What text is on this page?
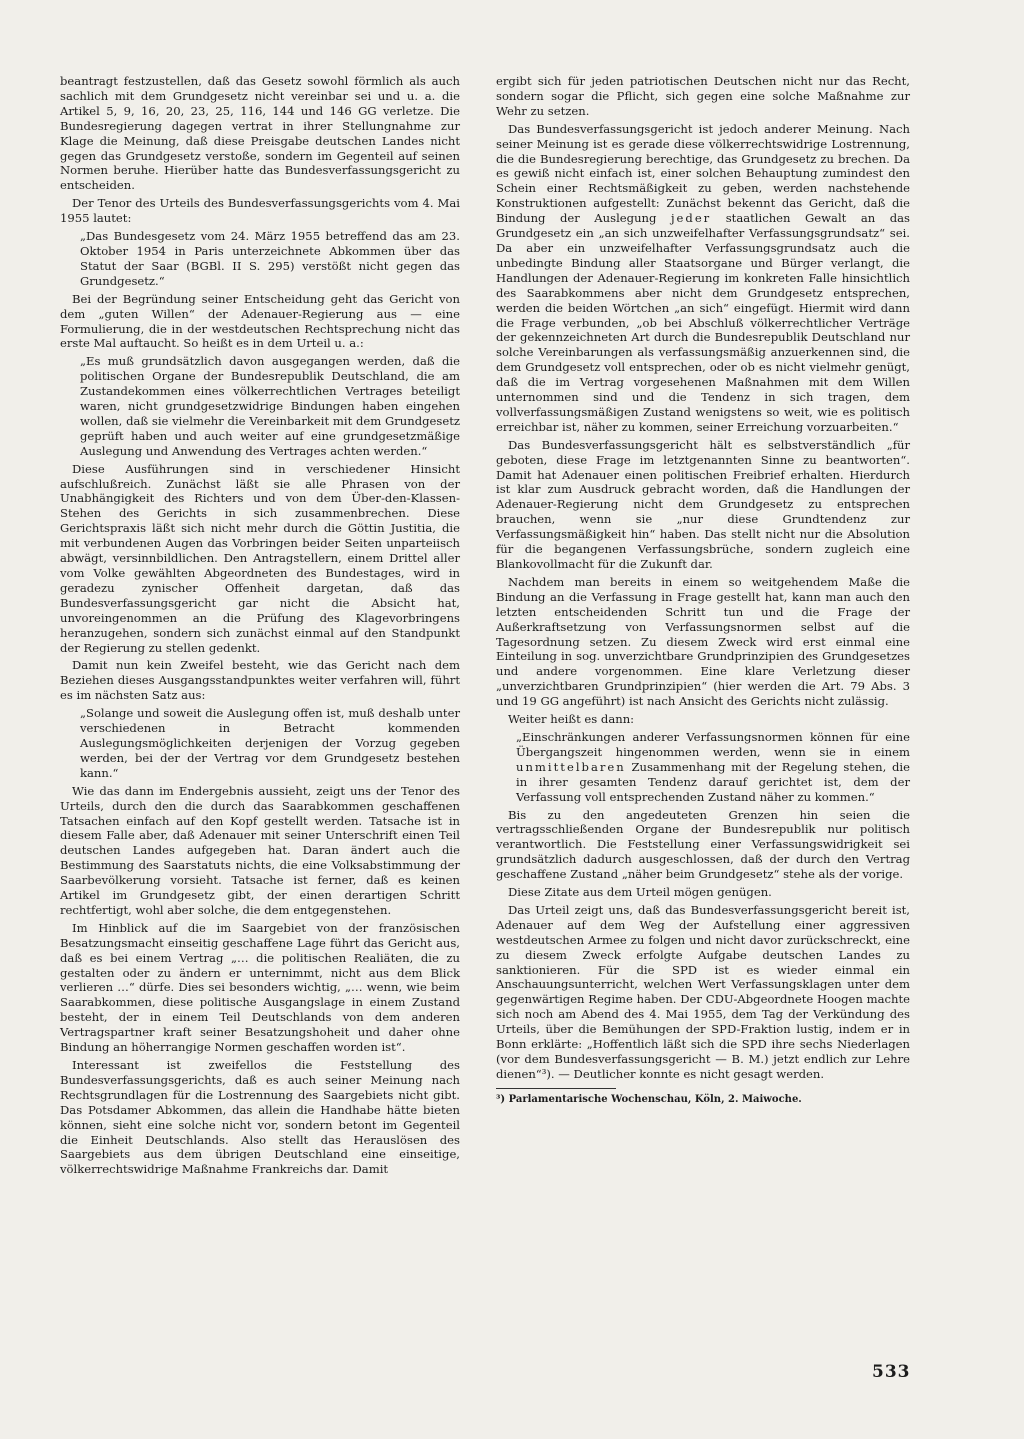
beantragt festzustellen, daß das Gesetz sowohl förmlich als auch sachlich mit dem Grundgesetz nicht vereinbar sei und u. a. die Artikel 5, 9, 16, 20, 23, 25, 116, 144 und 146 GG verletze. Die Bundesregierung dagegen vertrat in ihrer Stellungnahme zur Klage die Meinung, daß diese Preisgabe deutschen Landes nicht gegen das Grundgesetz verstoße, sondern im Gegenteil auf seinen Normen beruhe. Hierüber hatte das Bundesverfassungsgericht zu entscheiden.

Der Tenor des Urteils des Bundesverfassungsgerichts vom 4. Mai 1955 lautet:

„Das Bundesgesetz vom 24. März 1955 betreffend das am 23. Oktober 1954 in Paris unterzeichnete Abkommen über das Statut der Saar (BGBl. II S. 295) verstößt nicht gegen das Grundgesetz.“

Bei der Begründung seiner Entscheidung geht das Gericht von dem „guten Willen“ der Adenauer-Regierung aus — eine Formulierung, die in der westdeutschen Rechtsprechung nicht das erste Mal auftaucht. So heißt es in dem Urteil u. a.:

„Es muß grundsätzlich davon ausgegangen werden, daß die politischen Organe der Bundesrepublik Deutschland, die am Zustandekommen eines völkerrechtlichen Vertrages beteiligt waren, nicht grundgesetzwidrige Bindungen haben eingehen wollen, daß sie vielmehr die Vereinbarkeit mit dem Grundgesetz geprüft haben und auch weiter auf eine grundgesetzmäßige Auslegung und Anwendung des Vertrages achten werden.“

Diese Ausführungen sind in verschiedener Hinsicht aufschlußreich. Zunächst läßt sie alle Phrasen von der Unabhängigkeit des Richters und von dem Über-den-Klassen-Stehen des Gerichts in sich zusammenbrechen. Diese Gerichtspraxis läßt sich nicht mehr durch die Göttin Justitia, die mit verbundenen Augen das Vorbringen beider Seiten unparteiisch abwägt, versinnbildlichen. Den Antragstellern, einem Drittel aller vom Volke gewählten Abgeordneten des Bundestages, wird in geradezu zynischer Offenheit dargetan, daß das Bundesverfassungsgericht gar nicht die Absicht hat, unvoreingenommen an die Prüfung des Klagevorbringens heranzugehen, sondern sich zunächst einmal auf den Standpunkt der Regierung zu stellen gedenkt.

Damit nun kein Zweifel besteht, wie das Gericht nach dem Beziehen dieses Ausgangsstandpunktes weiter verfahren will, führt es im nächsten Satz aus:

„Solange und soweit die Auslegung offen ist, muß deshalb unter verschiedenen in Betracht kommenden Auslegungsmöglichkeiten derjenigen der Vorzug gegeben werden, bei der der Vertrag vor dem Grundgesetz bestehen kann.“

Wie das dann im Endergebnis aussieht, zeigt uns der Tenor des Urteils, durch den die durch das Saarabkommen geschaffenen Tatsachen einfach auf den Kopf gestellt werden. Tatsache ist in diesem Falle aber, daß Adenauer mit seiner Unterschrift einen Teil deutschen Landes aufgegeben hat. Daran ändert auch die Bestimmung des Saarstatuts nichts, die eine Volksabstimmung der Saarbevölkerung vorsieht. Tatsache ist ferner, daß es keinen Artikel im Grundgesetz gibt, der einen derartigen Schritt rechtfertigt, wohl aber solche, die dem entgegenstehen.

Im Hinblick auf die im Saargebiet von der französischen Besatzungsmacht einseitig geschaffene Lage führt das Gericht aus, daß es bei einem Vertrag „… die politischen Realiäten, die zu gestalten oder zu ändern er unternimmt, nicht aus dem Blick verlieren …“ dürfe. Dies sei besonders wichtig, „… wenn, wie beim Saarabkommen, diese politische Ausgangslage in einem Zustand besteht, der in einem Teil Deutschlands von dem anderen Vertragspartner kraft seiner Besatzungshoheit und daher ohne Bindung an höherrangige Normen geschaffen worden ist“.

Interessant ist zweifellos die Feststellung des Bundesverfassungsgerichts, daß es auch seiner Meinung nach Rechtsgrundlagen für die Lostrennung des Saargebiets nicht gibt. Das Potsdamer Abkommen, das allein die Handhabe hätte bieten können, sieht eine solche nicht vor, sondern betont im Gegenteil die Einheit Deutschlands. Also stellt das Herauslösen des Saargebiets aus dem übrigen Deutschland eine einseitige, völkerrechtswidrige Maßnahme Frankreichs dar. Damit

ergibt sich für jeden patriotischen Deutschen nicht nur das Recht, sondern sogar die Pflicht, sich gegen eine solche Maßnahme zur Wehr zu setzen.

Das Bundesverfassungsgericht ist jedoch anderer Meinung. Nach seiner Meinung ist es gerade diese völkerrechtswidrige Lostrennung, die die Bundesregierung berechtige, das Grundgesetz zu brechen. Da es gewiß nicht einfach ist, einer solchen Behauptung zumindest den Schein einer Rechtsmäßigkeit zu geben, werden nachstehende Konstruktionen aufgestellt: Zunächst bekennt das Gericht, daß die Bindung der Auslegung jeder staatlichen Gewalt an das Grundgesetz ein „an sich unzweifelhafter Verfassungsgrundsatz“ sei. Da aber ein unzweifelhafter Verfassungsgrundsatz auch die unbedingte Bindung aller Staatsorgane und Bürger verlangt, die Handlungen der Adenauer-Regierung im konkreten Falle hinsichtlich des Saarabkommens aber nicht dem Grundgesetz entsprechen, werden die beiden Wörtchen „an sich“ eingefügt. Hiermit wird dann die Frage verbunden, „ob bei Abschluß völkerrechtlicher Verträge der gekennzeichneten Art durch die Bundesrepublik Deutschland nur solche Vereinbarungen als verfassungsmäßig anzuerkennen sind, die dem Grundgesetz voll entsprechen, oder ob es nicht vielmehr genügt, daß die im Vertrag vorgesehenen Maßnahmen mit dem Willen unternommen sind und die Tendenz in sich tragen, dem vollverfassungsmäßigen Zustand wenigstens so weit, wie es politisch erreichbar ist, näher zu kommen, seiner Erreichung vorzuarbeiten.“

Das Bundesverfassungsgericht hält es selbstverständlich „für geboten, diese Frage im letztgenannten Sinne zu beantworten“. Damit hat Adenauer einen politischen Freibrief erhalten. Hierdurch ist klar zum Ausdruck gebracht worden, daß die Handlungen der Adenauer-Regierung nicht dem Grundgesetz zu entsprechen brauchen, wenn sie „nur diese Grundtendenz zur Verfassungsmäßigkeit hin“ haben. Das stellt nicht nur die Absolution für die begangenen Verfassungsbrüche, sondern zugleich eine Blankovollmacht für die Zukunft dar.

Nachdem man bereits in einem so weitgehendem Maße die Bindung an die Verfassung in Frage gestellt hat, kann man auch den letzten entscheidenden Schritt tun und die Frage der Außerkraftsetzung von Verfassungsnormen selbst auf die Tagesordnung setzen. Zu diesem Zweck wird erst einmal eine Einteilung in sog. unverzichtbare Grundprinzipien des Grundgesetzes und andere vorgenommen. Eine klare Verletzung dieser „unverzichtbaren Grundprinzipien“ (hier werden die Art. 79 Abs. 3 und 19 GG angeführt) ist nach Ansicht des Gerichts nicht zulässig.

Weiter heißt es dann:

„Einschränkungen anderer Verfassungsnormen können für eine Übergangszeit hingenommen werden, wenn sie in einem unmittelbaren Zusammenhang mit der Regelung stehen, die in ihrer gesamten Tendenz darauf gerichtet ist, dem der Verfassung voll entsprechenden Zustand näher zu kommen.“

Bis zu den angedeuteten Grenzen hin seien die vertragsschließenden Organe der Bundesrepublik nur politisch verantwortlich. Die Feststellung einer Verfassungswidrigkeit sei grundsätzlich dadurch ausgeschlossen, daß der durch den Vertrag geschaffene Zustand „näher beim Grundgesetz“ stehe als der vorige.

Diese Zitate aus dem Urteil mögen genügen.

Das Urteil zeigt uns, daß das Bundesverfassungsgericht bereit ist, Adenauer auf dem Weg der Aufstellung einer aggressiven westdeutschen Armee zu folgen und nicht davor zurückschreckt, eine zu diesem Zweck erfolgte Aufgabe deutschen Landes zu sanktionieren. Für die SPD ist es wieder einmal ein Anschauungsunterricht, welchen Wert Verfassungsklagen unter dem gegenwärtigen Regime haben. Der CDU-Abgeordnete Hoogen machte sich noch am Abend des 4. Mai 1955, dem Tag der Verkündung des Urteils, über die Bemühungen der SPD-Fraktion lustig, indem er in Bonn erklärte: „Hoffentlich läßt sich die SPD ihre sechs Niederlagen (vor dem Bundesverfassungsgericht — B. M.) jetzt endlich zur Lehre dienen“³). — Deutlicher konnte es nicht gesagt werden.

³) Parlamentarische Wochenschau, Köln, 2. Maiwoche.

533
